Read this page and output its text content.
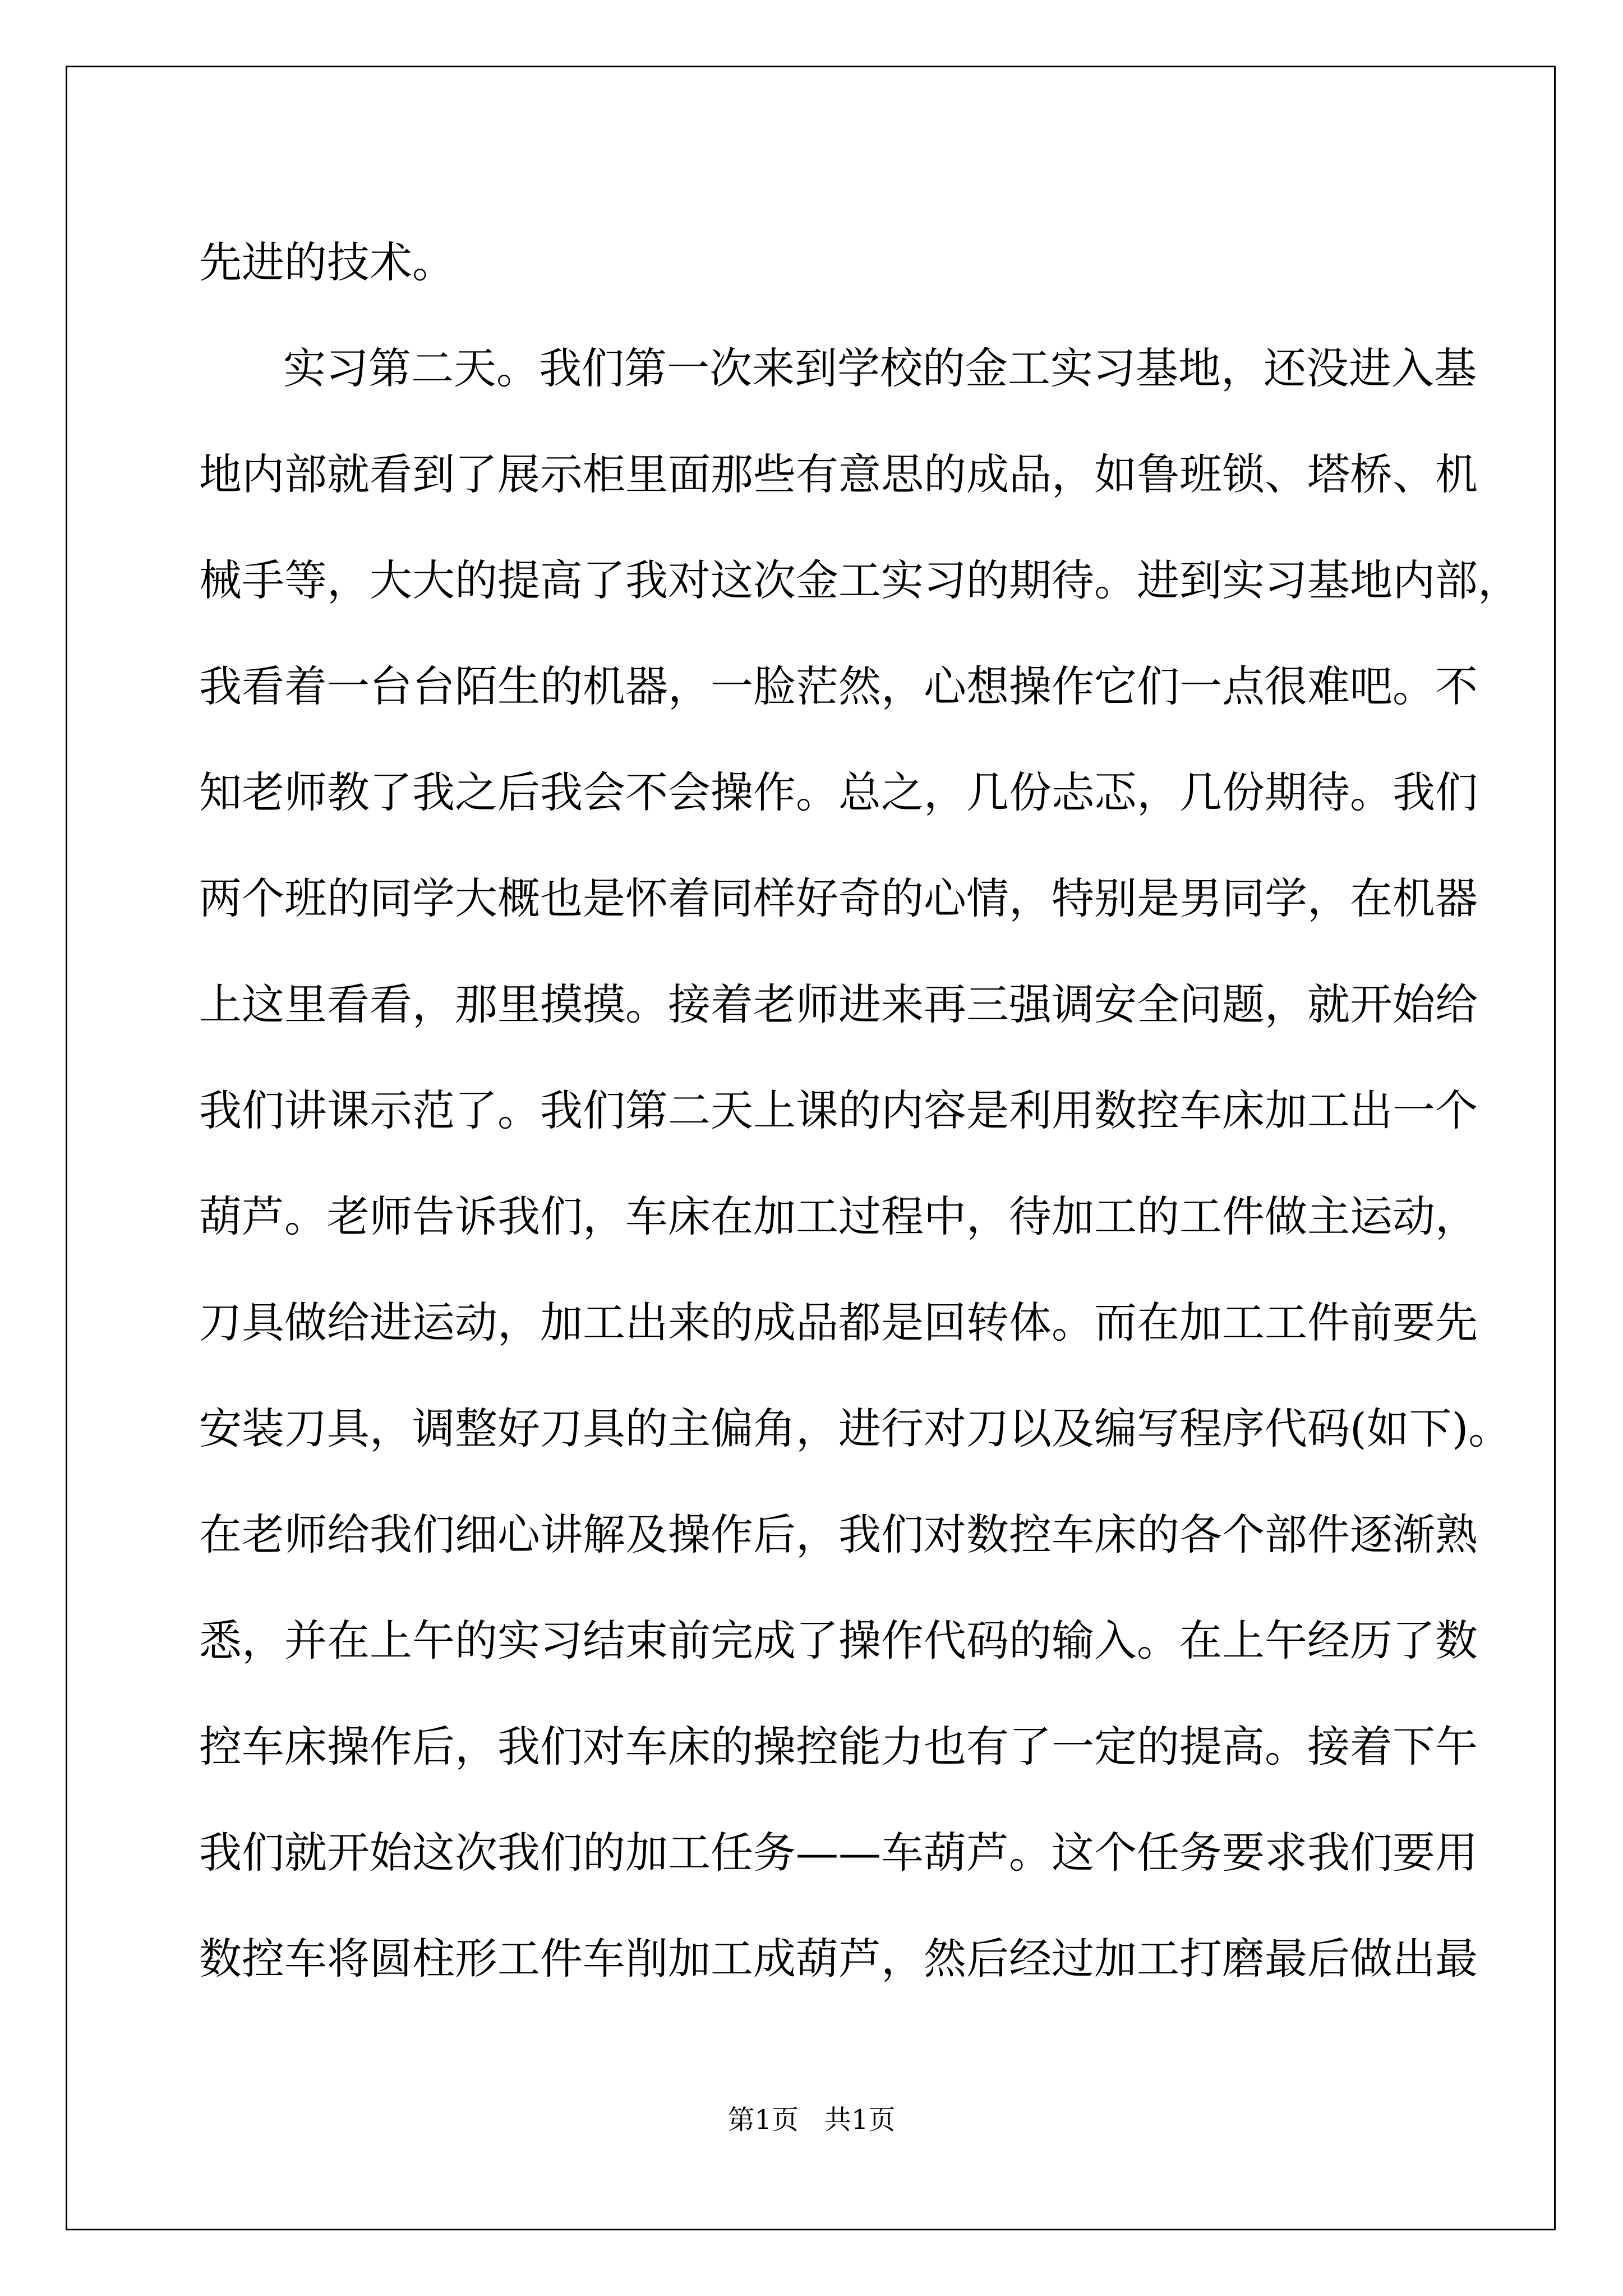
先进的技术。
实习第二天。我们第一次来到学校的金工实习基地，还没进入基
地内部就看到了展示柜里面那些有意思的成品，如鲁班锁、塔桥、机
械手等，大大的提高了我对这次金工实习的期待。进到实习基地内部，
我看着一台台陌生的机器，一脸茫然，心想操作它们一点很难吧。不
知老师教了我之后我会不会操作。总之，几份忐忑，几份期待。我们
两个班的同学大概也是怀着同样好奇的心情，特别是男同学，在机器
上这里看看，那里摸摸。接着老师进来再三强调安全问题，就开始给
我们讲课示范了。我们第二天上课的内容是利用数控车床加工出一个
葫芦。老师告诉我们，车床在加工过程中，待加工的工件做主运动，
刀具做给进运动，加工出来的成品都是回转体。而在加工工件前要先
安装刀具，调整好刀具的主偏角，进行对刀以及编写程序代码(如下)。
在老师给我们细心讲解及操作后，我们对数控车床的各个部件逐渐熟
悉，并在上午的实习结束前完成了操作代码的输入。在上午经历了数
控车床操作后，我们对车床的操控能力也有了一定的提高。接着下午
我们就开始这次我们的加工任务——车葫芦。这个任务要求我们要用
数控车将圆柱形工件车削加工成葫芦，然后经过加工打磨最后做出最
第1页   共1页
